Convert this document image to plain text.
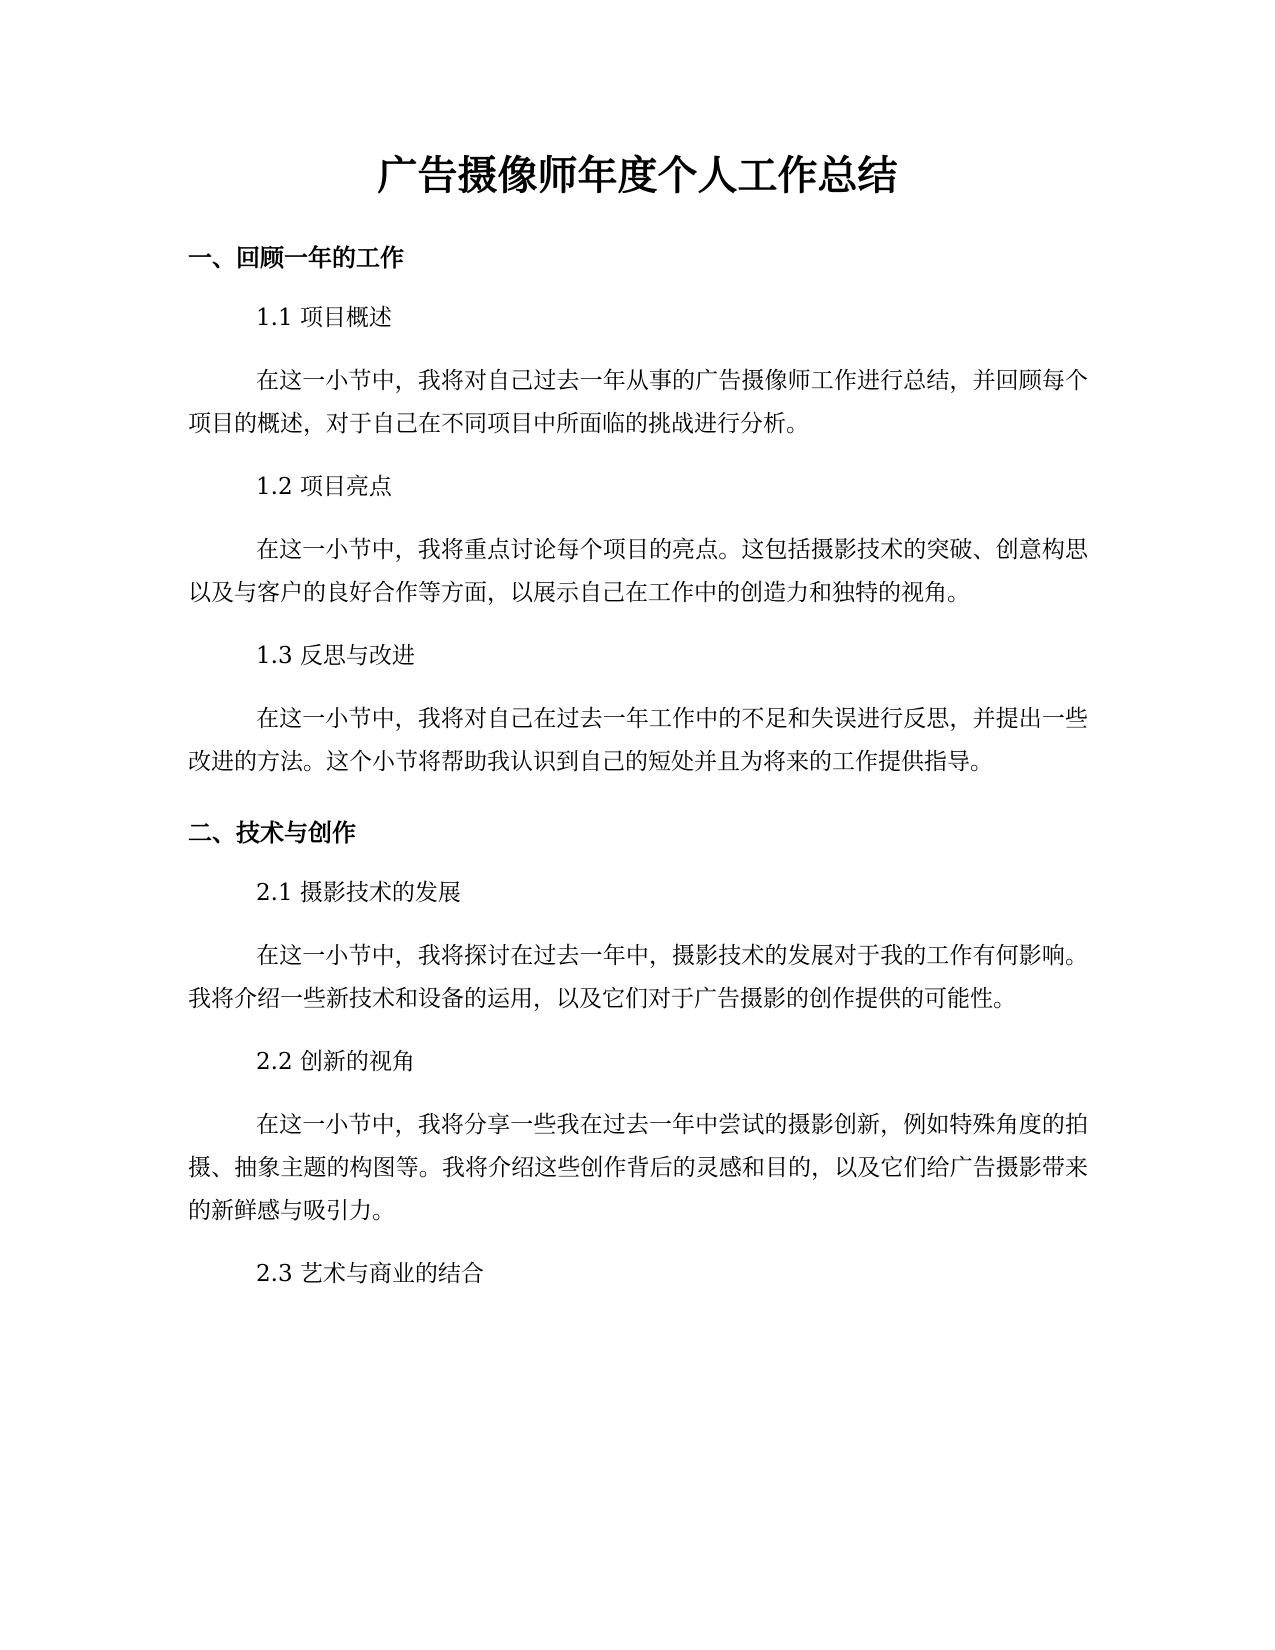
广告摄像师年度个人工作总结
一、回顾一年的工作

1.1 项目概述

在这一小节中，我将对自己过去一年从事的广告摄像师工作进行总结，并回顾每个项目的概述，对于自己在不同项目中所面临的挑战进行分析。

1.2 项目亮点

在这一小节中，我将重点讨论每个项目的亮点。这包括摄影技术的突破、创意构思以及与客户的良好合作等方面，以展示自己在工作中的创造力和独特的视角。

1.3 反思与改进

在这一小节中，我将对自己在过去一年工作中的不足和失误进行反思，并提出一些改进的方法。这个小节将帮助我认识到自己的短处并且为将来的工作提供指导。

二、技术与创作

2.1 摄影技术的发展

在这一小节中，我将探讨在过去一年中，摄影技术的发展对于我的工作有何影响。我将介绍一些新技术和设备的运用，以及它们对于广告摄影的创作提供的可能性。

2.2 创新的视角

在这一小节中，我将分享一些我在过去一年中尝试的摄影创新，例如特殊角度的拍摄、抽象主题的构图等。我将介绍这些创作背后的灵感和目的，以及它们给广告摄影带来的新鲜感与吸引力。

2.3 艺术与商业的结合
